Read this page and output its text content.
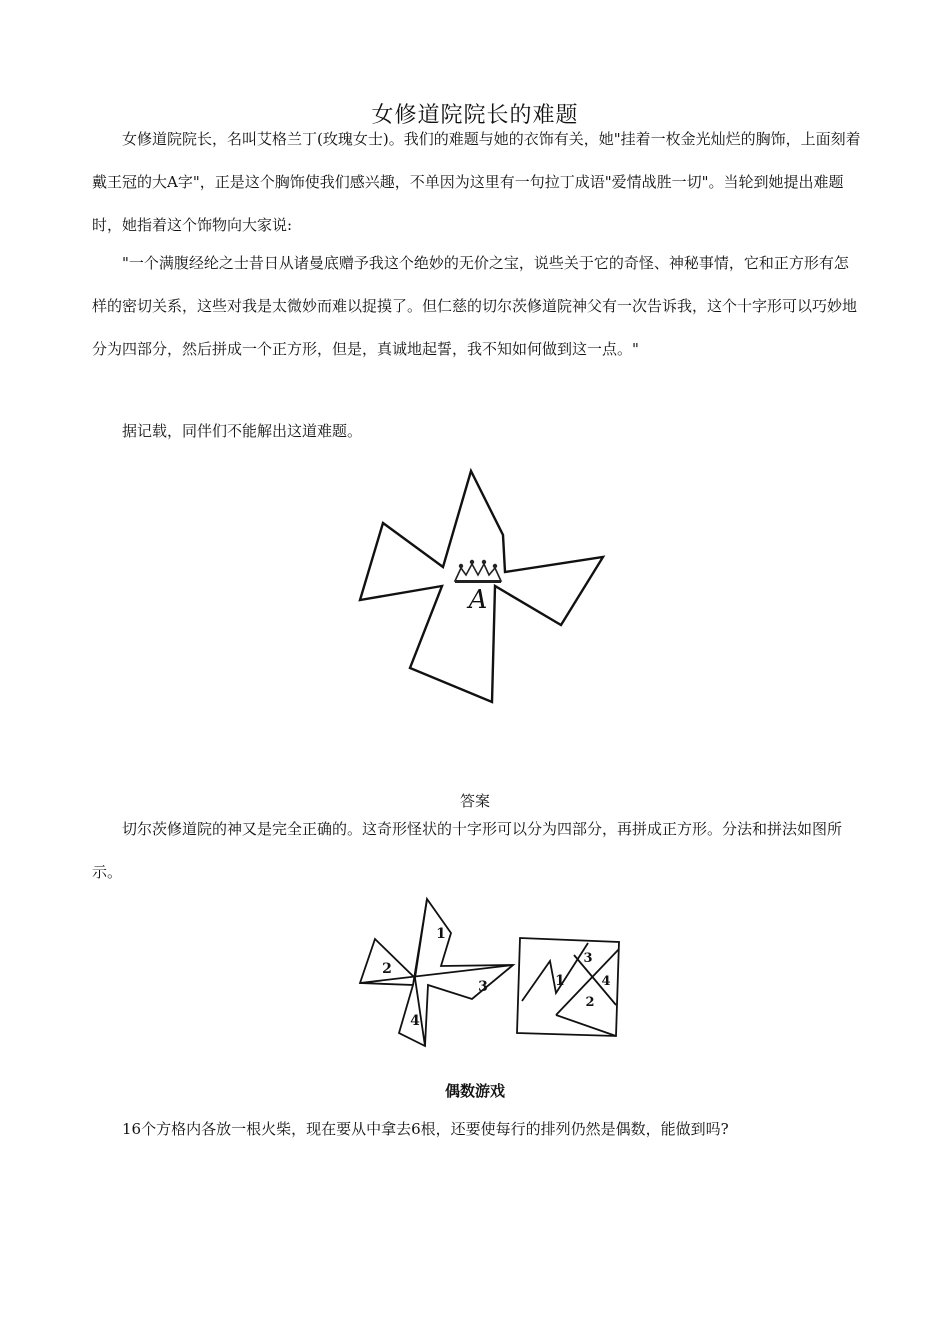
女修道院院长的难题

女修道院院长，名叫艾格兰丁(玫瑰女士)。我们的难题与她的衣饰有关，她"挂着一枚金光灿烂的胸饰，上面刻着戴王冠的大A字"，正是这个胸饰使我们感兴趣，不单因为这里有一句拉丁成语"爱情战胜一切"。当轮到她提出难题时，她指着这个饰物向大家说:

"一个满腹经纶之士昔日从诸曼底赠予我这个绝妙的无价之宝，说些关于它的奇怪、神秘事情，它和正方形有怎样的密切关系，这些对我是太微妙而难以捉摸了。但仁慈的切尔茨修道院神父有一次告诉我，这个十字形可以巧妙地分为四部分，然后拼成一个正方形，但是，真诚地起誓，我不知如何做到这一点。"

据记载，同伴们不能解出这道难题。

A
答案

切尔茨修道院的神又是完全正确的。这奇形怪状的十字形可以分为四部分，再拼成正方形。分法和拼法如图所示。

1
2
3
4
1
3
4
2
偶数游戏

16个方格内各放一根火柴，现在要从中拿去6根，还要使每行的排列仍然是偶数，能做到吗?
